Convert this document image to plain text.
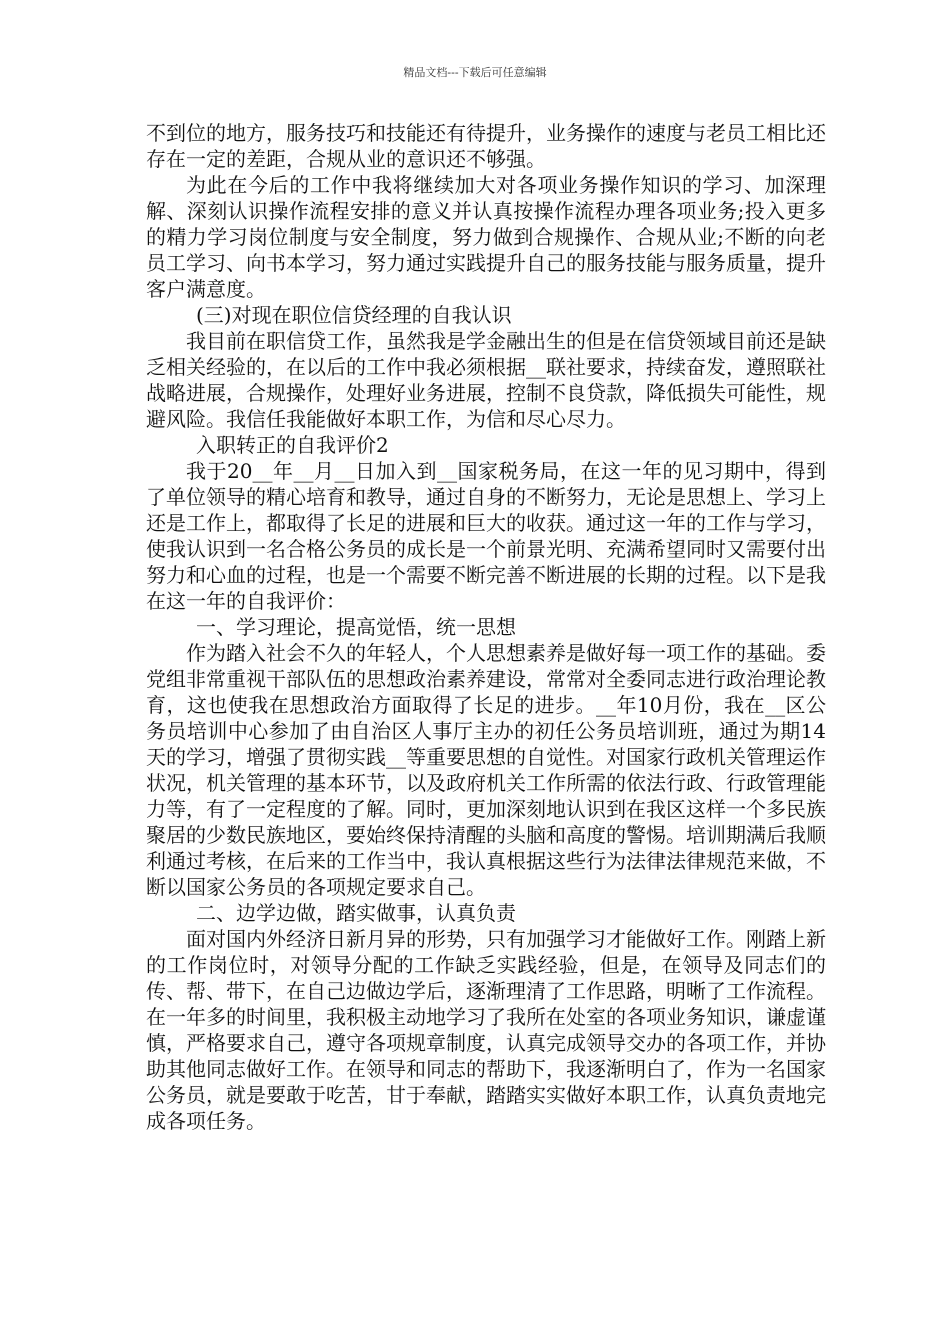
精品文档---下载后可任意编辑

不到位的地方，服务技巧和技能还有待提升，业务操作的速度与老员工相比还存在一定的差距，合规从业的意识还不够强。

为此在今后的工作中我将继续加大对各项业务操作知识的学习、加深理解、深刻认识操作流程安排的意义并认真按操作流程办理各项业务;投入更多的精力学习岗位制度与安全制度，努力做到合规操作、合规从业;不断的向老员工学习、向书本学习，努力通过实践提升自己的服务技能与服务质量，提升客户满意度。

(三)对现在职位信贷经理的自我认识

我目前在职信贷工作，虽然我是学金融出生的但是在信贷领域目前还是缺乏相关经验的，在以后的工作中我必须根据__联社要求，持续奋发，遵照联社战略进展，合规操作，处理好业务进展，控制不良贷款，降低损失可能性，规避风险。我信任我能做好本职工作，为信和尽心尽力。

入职转正的自我评价2

我于20__年__月__日加入到__国家税务局，在这一年的见习期中，得到了单位领导的精心培育和教导，通过自身的不断努力，无论是思想上、学习上还是工作上，都取得了长足的进展和巨大的收获。通过这一年的工作与学习，使我认识到一名合格公务员的成长是一个前景光明、充满希望同时又需要付出努力和心血的过程，也是一个需要不断完善不断进展的长期的过程。以下是我在这一年的自我评价：

一、学习理论，提高觉悟，统一思想

作为踏入社会不久的年轻人，个人思想素养是做好每一项工作的基础。委党组非常重视干部队伍的思想政治素养建设，常常对全委同志进行政治理论教育，这也使我在思想政治方面取得了长足的进步。__年10月份，我在__区公务员培训中心参加了由自治区人事厅主办的初任公务员培训班，通过为期14天的学习，增强了贯彻实践__等重要思想的自觉性。对国家行政机关管理运作状况，机关管理的基本环节，以及政府机关工作所需的依法行政、行政管理能力等，有了一定程度的了解。同时，更加深刻地认识到在我区这样一个多民族聚居的少数民族地区，要始终保持清醒的头脑和高度的警惕。培训期满后我顺利通过考核，在后来的工作当中，我认真根据这些行为法律法律规范来做，不断以国家公务员的各项规定要求自己。

二、边学边做，踏实做事，认真负责

面对国内外经济日新月异的形势，只有加强学习才能做好工作。刚踏上新的工作岗位时，对领导分配的工作缺乏实践经验，但是，在领导及同志们的传、帮、带下，在自己边做边学后，逐渐理清了工作思路，明晰了工作流程。在一年多的时间里，我积极主动地学习了我所在处室的各项业务知识，谦虚谨慎，严格要求自己，遵守各项规章制度，认真完成领导交办的各项工作，并协助其他同志做好工作。在领导和同志的帮助下，我逐渐明白了，作为一名国家公务员，就是要敢于吃苦，甘于奉献，踏踏实实做好本职工作，认真负责地完成各项任务。
